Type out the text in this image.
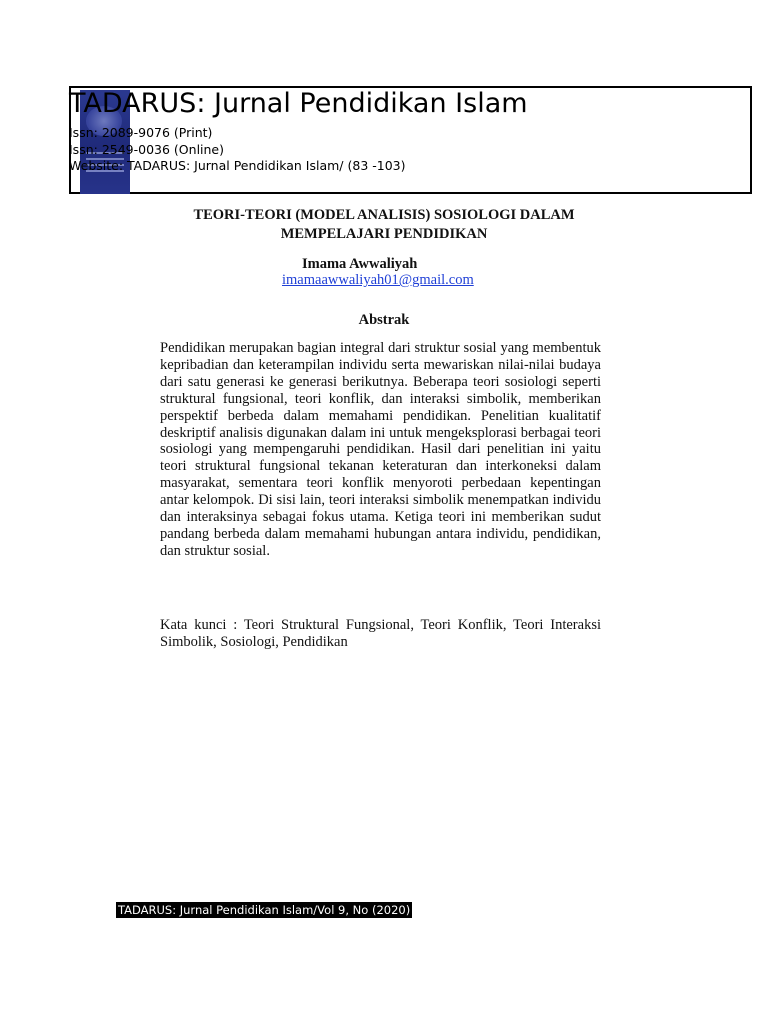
TADARUS: Jurnal Pendidikan Islam
Issn: 2089-9076 (Print)
Issn: 2549-0036 (Online)
Website: TADARUS: Jurnal Pendidikan Islam/ (83 -103)
TEORI-TEORI (MODEL ANALISIS) SOSIOLOGI DALAM MEMPELAJARI PENDIDIKAN
Imama Awwaliyah
imamaawwaliyah01@gmail.com
Abstrak
Pendidikan merupakan bagian integral dari struktur sosial yang membentuk kepribadian dan keterampilan individu serta mewariskan nilai-nilai budaya dari satu generasi ke generasi berikutnya. Beberapa teori sosiologi seperti struktural fungsional, teori konflik, dan interaksi simbolik, memberikan perspektif berbeda dalam memahami pendidikan. Penelitian kualitatif deskriptif analisis digunakan dalam ini untuk mengeksplorasi berbagai teori sosiologi yang mempengaruhi pendidikan. Hasil dari penelitian ini yaitu teori struktural fungsional tekanan keteraturan dan interkoneksi dalam masyarakat, sementara teori konflik menyoroti perbedaan kepentingan antar kelompok. Di sisi lain, teori interaksi simbolik menempatkan individu dan interaksinya sebagai fokus utama. Ketiga teori ini memberikan sudut pandang berbeda dalam memahami hubungan antara individu, pendidikan, dan struktur sosial.
Kata kunci : Teori Struktural Fungsional, Teori Konflik, Teori Interaksi Simbolik, Sosiologi, Pendidikan
TADARUS: Jurnal Pendidikan Islam/Vol 9, No (2020)
